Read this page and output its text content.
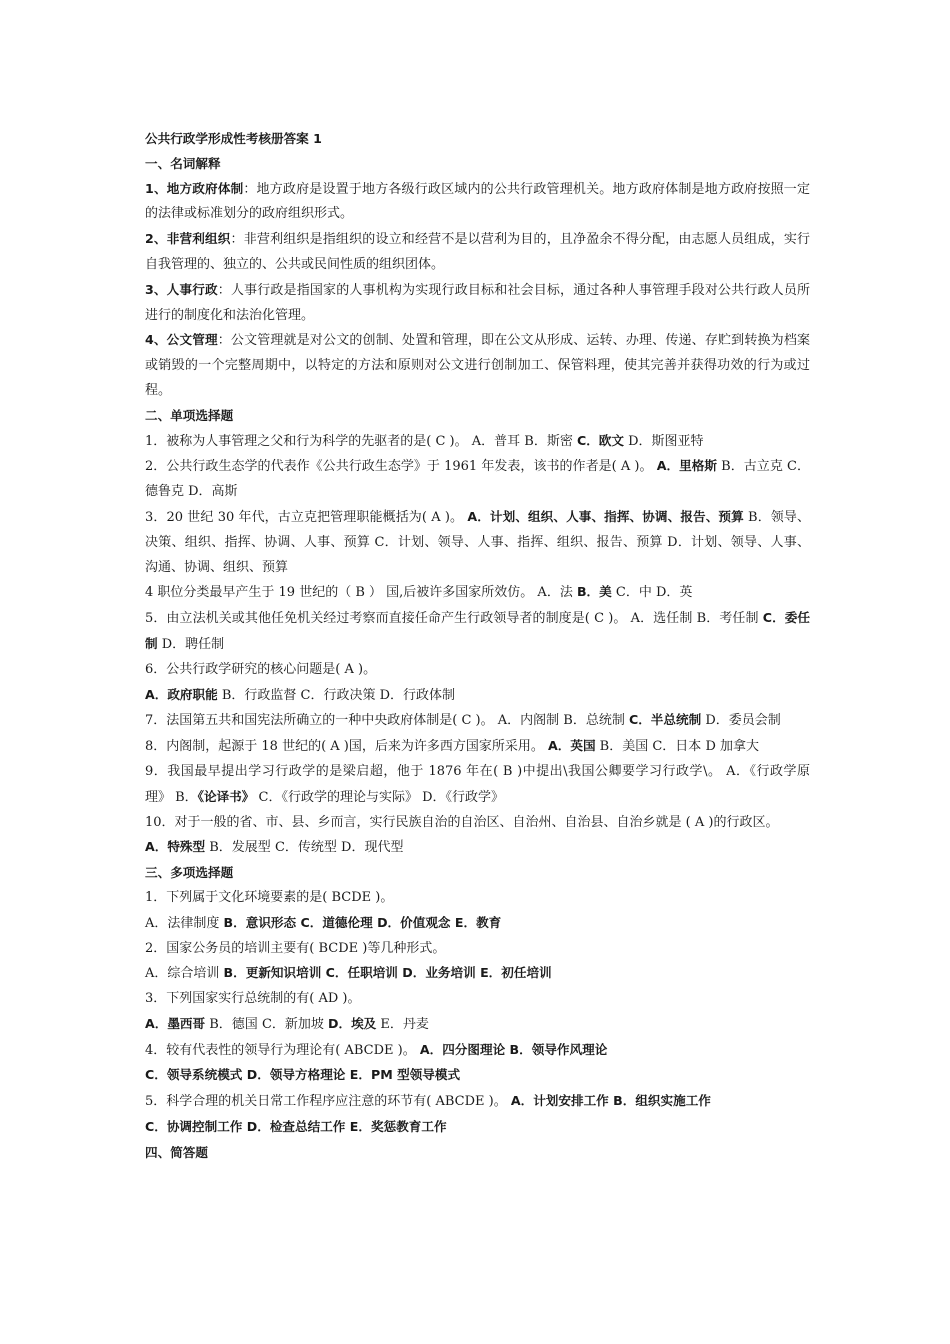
公共行政学形成性考核册答案 1
一、名词解释
1、地方政府体制：地方政府是设置于地方各级行政区域内的公共行政管理机关。地方政府体制是地方政府按照一定的法律或标准划分的政府组织形式。
2、非营利组织：非营利组织是指组织的设立和经营不是以营利为目的，且净盈余不得分配，由志愿人员组成，实行自我管理的、独立的、公共或民间性质的组织团体。
3、人事行政：人事行政是指国家的人事机构为实现行政目标和社会目标，通过各种人事管理手段对公共行政人员所进行的制度化和法治化管理。
4、公文管理：公文管理就是对公文的创制、处置和管理，即在公文从形成、运转、办理、传递、存贮到转换为档案或销毁的一个完整周期中，以特定的方法和原则对公文进行创制加工、保管料理，使其完善并获得功效的行为或过程。
二、单项选择题
1．被称为人事管理之父和行为科学的先驱者的是( C )。 A．普耳 B．斯密 C．欧文 D．斯图亚特
2．公共行政生态学的代表作《公共行政生态学》于 1961 年发表，该书的作者是( A )。 A．里格斯 B．古立克 C．德鲁克 D．高斯
3．20 世纪 30 年代，古立克把管理职能概括为( A )。 A．计划、组织、人事、指挥、协调、报告、预算 B．领导、决策、组织、指挥、协调、人事、预算 C．计划、领导、人事、指挥、组织、报告、预算 D．计划、领导、人事、沟通、协调、组织、预算
4 职位分类最早产生于 19 世纪的（ B ） 国,后被许多国家所效仿。 A．法 B．美 C．中 D．英
5．由立法机关或其他任免机关经过考察而直接任命产生行政领导者的制度是( C )。 A．选任制 B．考任制 C．委任制 D．聘任制
6．公共行政学研究的核心问题是( A )。
A．政府职能 B．行政监督 C．行政决策 D．行政体制
7．法国第五共和国宪法所确立的一种中央政府体制是( C )。 A．内阁制 B．总统制 C．半总统制 D．委员会制
8．内阁制，起源于 18 世纪的( A )国，后来为许多西方国家所采用。 A．英国 B．美国 C．日本 D 加拿大
9．我国最早提出学习行政学的是梁启超，他于 1876 年在( B )中提出\我国公卿要学习行政学\。 A．《行政学原理》 B．《论译书》 C．《行政学的理论与实际》 D．《行政学》
10．对于一般的省、市、县、乡而言，实行民族自治的自治区、自治州、自治县、自治乡就是 ( A )的行政区。
A．特殊型 B．发展型 C．传统型 D．现代型
三、多项选择题
1．下列属于文化环境要素的是( BCDE )。
A．法律制度 B．意识形态 C．道德伦理 D．价值观念 E．教育
2．国家公务员的培训主要有( BCDE )等几种形式。
A．综合培训 B．更新知识培训 C．任职培训 D．业务培训 E．初任培训
3．下列国家实行总统制的有( AD )。
A．墨西哥 B．德国 C．新加坡 D．埃及 E．丹麦
4．较有代表性的领导行为理论有( ABCDE )。 A．四分图理论 B．领导作风理论
C．领导系统模式 D．领导方格理论 E．PM 型领导模式
5．科学合理的机关日常工作程序应注意的环节有( ABCDE )。 A．计划安排工作 B．组织实施工作
C．协调控制工作 D．检查总结工作 E．奖惩教育工作
四、简答题
